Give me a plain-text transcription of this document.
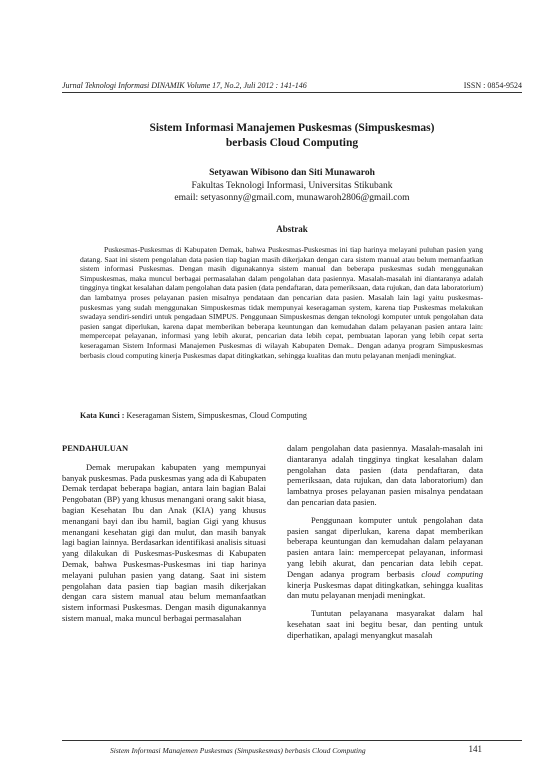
Jurnal Teknologi Informasi DINAMIK Volume 17, No.2, Juli 2012 : 141-146	ISSN : 0854-9524
Sistem Informasi Manajemen Puskesmas (Simpuskesmas)
berbasis Cloud Computing
Setyawan Wibisono dan Siti Munawaroh
Fakultas Teknologi Informasi, Universitas Stikubank
email: setyasonny@gmail.com, munawaroh2806@gmail.com
Abstrak

Puskesmas-Puskesmas di Kabupaten Demak, bahwa Puskesmas-Puskesmas ini tiap harinya melayani puluhan pasien yang datang. Saat ini sistem pengolahan data pasien tiap bagian masih dikerjakan dengan cara sistem manual atau belum memanfaatkan sistem informasi Puskesmas. Dengan masih digunakannya sistem manual dan beberapa puskesmas sudah menggunakan Simpuskesmas, maka muncul berbagai permasalahan dalam pengolahan data pasiennya. Masalah-masalah ini diantaranya adalah tingginya tingkat kesalahan dalam pengolahan data pasien (data pendaftaran, data pemeriksaan, data rujukan, dan data laboratorium) dan lambatnya proses pelayanan pasien misalnya pendataan dan pencarian data pasien. Masalah lain lagi yaitu puskesmas-puskesmas yang sudah menggunakan Simpuskesmas tidak mempunyai keseragaman system, karena tiap Puskesmas melakukan swadaya sendiri-sendiri untuk pengadaan SIMPUS. Penggunaan Simpuskesmas dengan teknologi komputer untuk pengolahan data pasien sangat diperlukan, karena dapat memberikan beberapa keuntungan dan kemudahan dalam pelayanan pasien antara lain: mempercepat pelayanan, informasi yang lebih akurat, pencarian data lebih cepat, pembuatan laporan yang lebih cepat serta keseragaman Sistem Informasi Manajemen Puskesmas di wilayah Kabupaten Demak.. Dengan adanya program Simpuskesmas berbasis cloud computing kinerja Puskesmas dapat ditingkatkan, sehingga kualitas dan mutu pelayanan menjadi meningkat.

Kata Kunci : Keseragaman Sistem, Simpuskesmas, Cloud Computing
PENDAHULUAN

Demak merupakan kabupaten yang mempunyai banyak puskesmas. Pada puskesmas yang ada di Kabupaten Demak terdapat beberapa bagian, antara lain bagian Balai Pengobatan (BP) yang khusus menangani orang sakit biasa, bagian Kesehatan Ibu dan Anak (KIA) yang khusus menangani bayi dan ibu hamil, bagian Gigi yang khusus menangani kesehatan gigi dan mulut, dan masih banyak lagi bagian lainnya. Berdasarkan identifikasi analisis situasi yang dilakukan di Puskesmas-Puskesmas di Kabupaten Demak, bahwa Puskesmas-Puskesmas ini tiap harinya melayani puluhan pasien yang datang. Saat ini sistem pengolahan data pasien tiap bagian masih dikerjakan dengan cara sistem manual atau belum memanfaatkan sistem informasi Puskesmas. Dengan masih digunakannya sistem manual, maka muncul berbagai permasalahan

dalam pengolahan data pasiennya. Masalah-masalah ini diantaranya adalah tingginya tingkat kesalahan dalam pengolahan data pasien (data pendaftaran, data pemeriksaan, data rujukan, dan data laboratorium) dan lambatnya proses pelayanan pasien misalnya pendataan dan pencarian data pasien.

Penggunaan komputer untuk pengolahan data pasien sangat diperlukan, karena dapat memberikan beberapa keuntungan dan kemudahan dalam pelayanan pasien antara lain: mempercepat pelayanan, informasi yang lebih akurat, dan pencarian data lebih cepat. Dengan adanya program berbasis cloud computing kinerja Puskesmas dapat ditingkatkan, sehingga kualitas dan mutu pelayanan menjadi meningkat.

Tuntutan pelayanana masyarakat dalam hal kesehatan saat ini begitu besar, dan penting untuk diperhatikan, apalagi menyangkut masalah

Sistem Informasi Manajemen Puskesmas (Simpuskesmas) berbasis Cloud Computing	141
